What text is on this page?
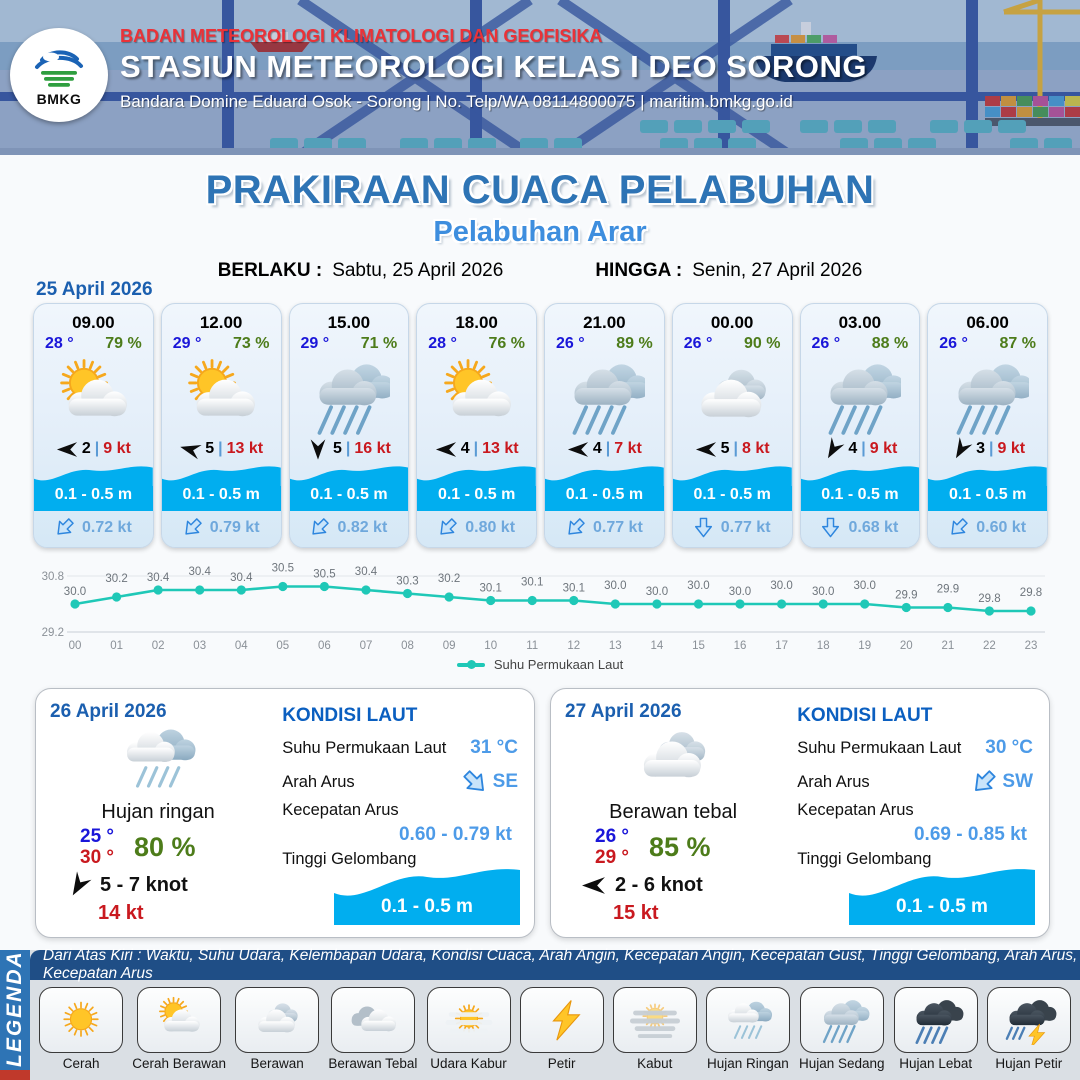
BMKG
BADAN METEOROLOGI KLIMATOLOGI DAN GEOFISIKA
STASIUN METEOROLOGI KELAS I DEO SORONG
Bandara Domine Eduard Osok - Sorong | No. Telp/WA 08114800075 | maritim.bmkg.go.id
PRAKIRAAN CUACA PELABUHAN
Pelabuhan Arar
BERLAKU : Sabtu, 25 April 2026	HINGGA : Senin, 27 April 2026
25 April 2026
09.00
28 ° 79 %
2 | 9 kt
0.1 - 0.5 m
0.72 kt
12.00
29 ° 73 %
5 | 13 kt
0.1 - 0.5 m
0.79 kt
15.00
29 ° 71 %
5 | 16 kt
0.1 - 0.5 m
0.82 kt
18.00
28 ° 76 %
4 | 13 kt
0.1 - 0.5 m
0.80 kt
21.00
26 ° 89 %
4 | 7 kt
0.1 - 0.5 m
0.77 kt
00.00
26 ° 90 %
5 | 8 kt
0.1 - 0.5 m
0.77 kt
03.00
26 ° 88 %
4 | 9 kt
0.1 - 0.5 m
0.68 kt
06.00
26 ° 87 %
3 | 9 kt
0.1 - 0.5 m
0.60 kt
30.8
29.2
30.0
00
30.2
01
30.4
02
30.4
03
30.4
04
30.5
05
30.5
06
30.4
07
30.3
08
30.2
09
30.1
10
30.1
11
30.1
12
30.0
13
30.0
14
30.0
15
30.0
16
30.0
17
30.0
18
30.0
19
29.9
20
29.9
21
29.8
22
29.8
23
Suhu Permukaan Laut
26 April 2026
Hujan ringan
25 °
30 ° 80 %
5 - 7 knot
14 kt
KONDISI LAUT
Suhu Permukaan Laut 31 °C
Arah Arus	SE
Kecepatan Arus
0.60 - 0.79 kt
Tinggi Gelombang
0.1 - 0.5 m
27 April 2026
Berawan tebal
26 °
29 ° 85 %
2 - 6 knot
15 kt
KONDISI LAUT
Suhu Permukaan Laut 30 °C
Arah Arus	SW
Kecepatan Arus
0.69 - 0.85 kt
Tinggi Gelombang
0.1 - 0.5 m
LEGENDA	Dari Atas Kiri : Waktu, Suhu Udara, Kelembapan Udara, Kondisi Cuaca, Arah Angin, Kecepatan Angin, Kecepatan Gust, Tinggi Gelombang, Arah Arus, Kecepatan Arus
Cerah Cerah Berawan Berawan Berawan Tebal Udara Kabur	Petir	Kabut	Hujan Ringan Hujan Sedang Hujan Lebat Hujan Petir
